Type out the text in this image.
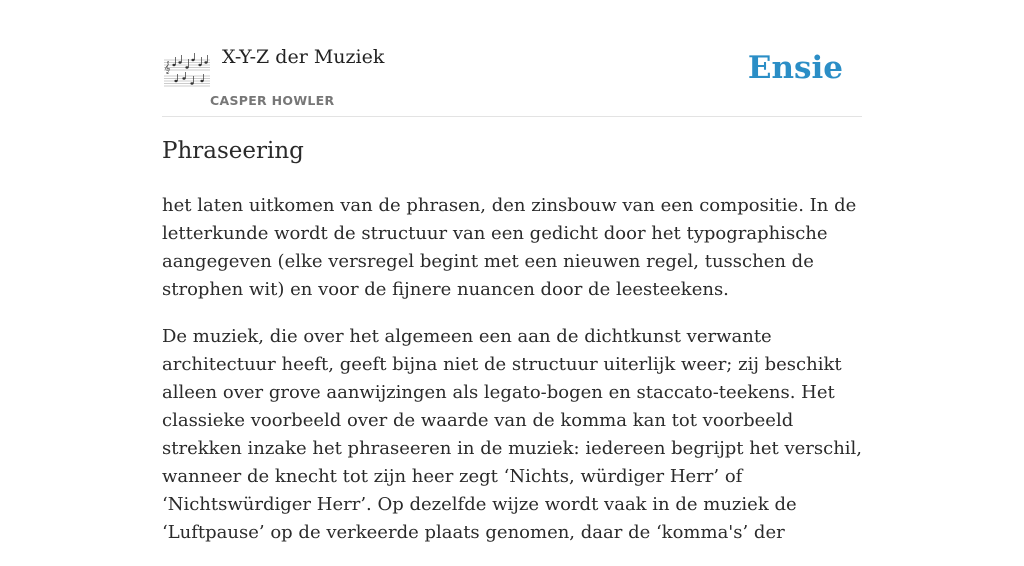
𝄞	X-Y-Z der Muziek
CASPER HOWLER
Ensie
Phraseering

het laten uitkomen van de phrasen, den zinsbouw van een compositie. In de letterkunde wordt de structuur van een gedicht door het typographische aangegeven (elke versregel begint met een nieuwen regel, tusschen de strophen wit) en voor de fijnere nuancen door de leesteekens.

De muziek, die over het algemeen een aan de dichtkunst verwante architectuur heeft, geeft bijna niet de structuur uiterlijk weer; zij beschikt alleen over grove aanwijzingen als legato-bogen en staccato-teekens. Het classieke voorbeeld over de waarde van de komma kan tot voorbeeld strekken inzake het phraseeren in de muziek: iedereen begrijpt het verschil, wanneer de knecht tot zijn heer zegt ‘Nichts, würdiger Herr’ of ‘Nichtswürdiger Herr’. Op dezelfde wijze wordt vaak in de muziek de ‘Luftpause’ op de verkeerde plaats genomen, daar de ‘komma's’ der
